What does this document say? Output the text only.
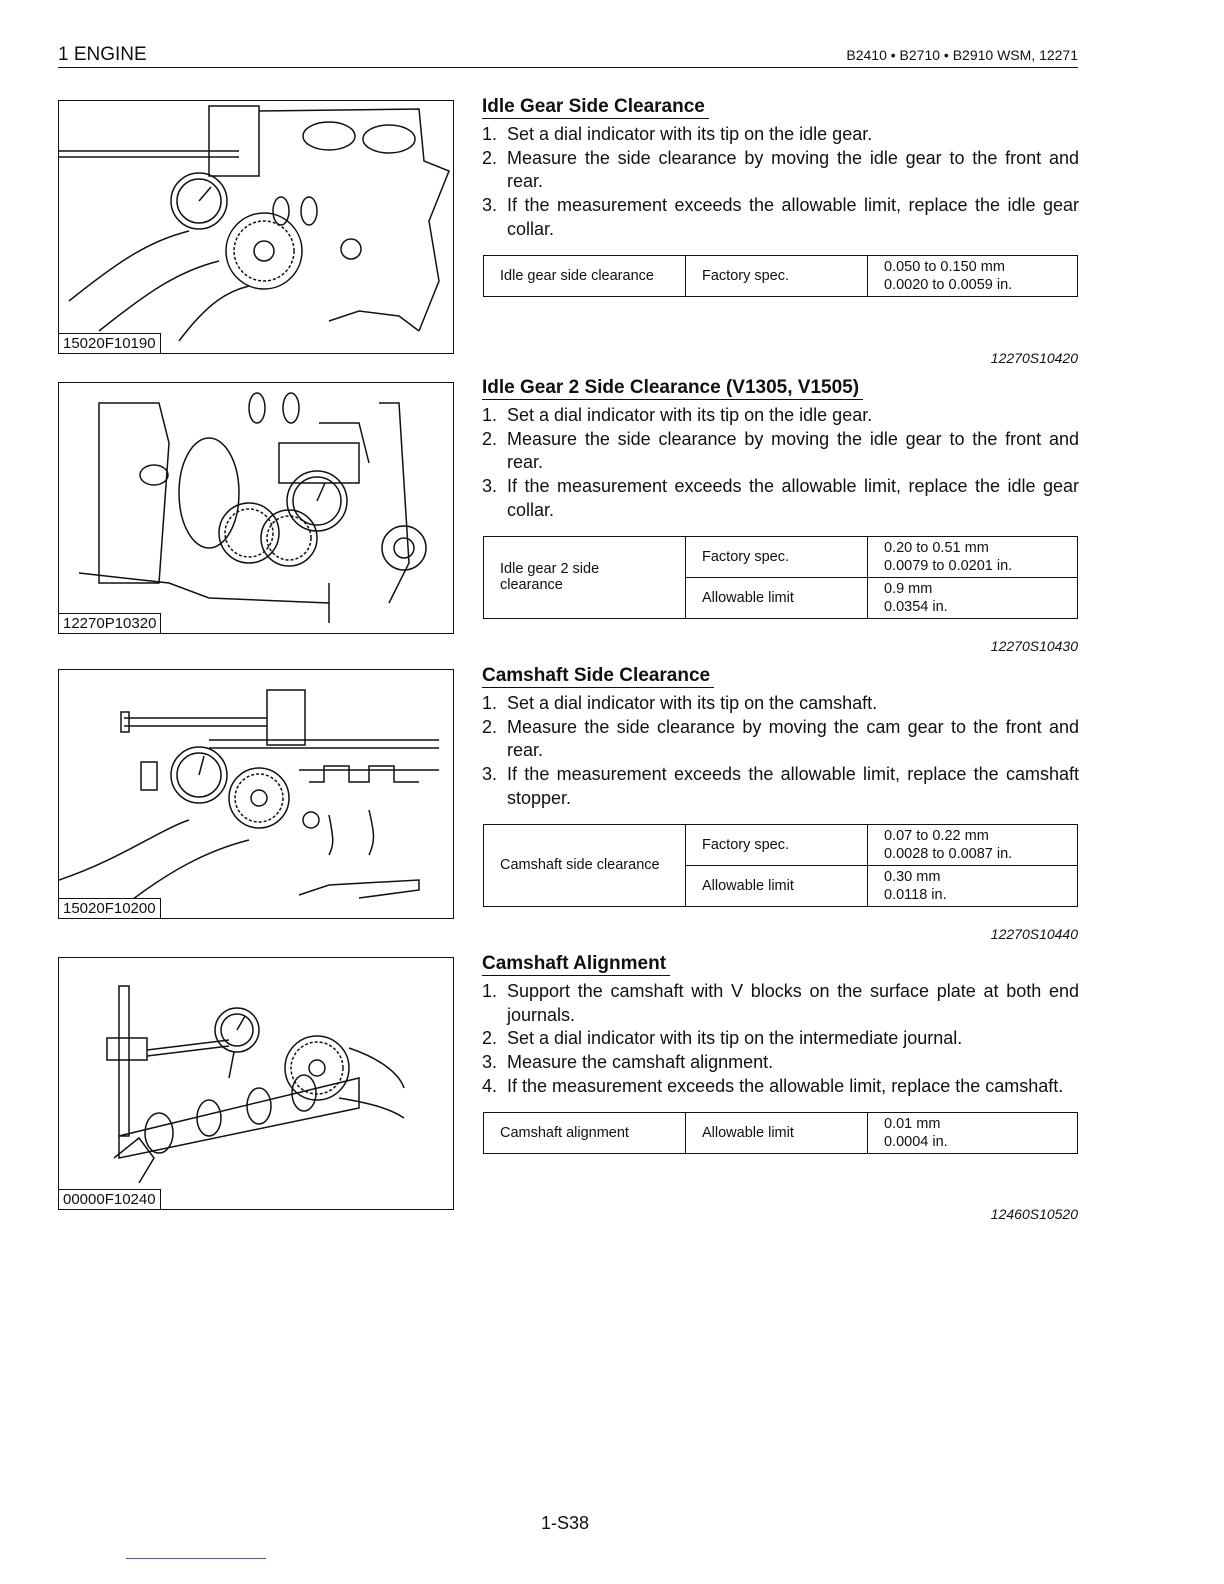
1 ENGINE	B2410 • B2710 • B2910 WSM, 12271
15020F10190
12270P10320
15020F10200
00000F10240
Idle Gear Side Clearance
1. Set a dial indicator with its tip on the idle gear.
2. Measure the side clearance by moving the idle gear to the front and rear.
3. If the measurement exceeds the allowable limit, replace the idle gear collar.
Idle gear side clearance	Factory spec.	0.050 to 0.150 mm
0.0020 to 0.0059 in.
12270S10420
Idle Gear 2 Side Clearance (V1305, V1505)
1. Set a dial indicator with its tip on the idle gear.
2. Measure the side clearance by moving the idle gear to the front and rear.
3. If the measurement exceeds the allowable limit, replace the idle gear collar.
Idle gear 2 side
clearance	Factory spec.	0.20 to 0.51 mm
0.0079 to 0.0201 in.
	Allowable limit	0.9 mm
0.0354 in.
12270S10430
Camshaft Side Clearance
1. Set a dial indicator with its tip on the camshaft.
2. Measure the side clearance by moving the cam gear to the front and rear.
3. If the measurement exceeds the allowable limit, replace the camshaft stopper.
Camshaft side clearance	Factory spec.	0.07 to 0.22 mm
0.0028 to 0.0087 in.
	Allowable limit	0.30 mm
0.0118 in.
12270S10440
Camshaft Alignment
1. Support the camshaft with V blocks on the surface plate at both end journals.
2. Set a dial indicator with its tip on the intermediate journal.
3. Measure the camshaft alignment.
4. If the measurement exceeds the allowable limit, replace the camshaft.
Camshaft alignment	Allowable limit	0.01 mm
0.0004 in.
12460S10520
1-S38
